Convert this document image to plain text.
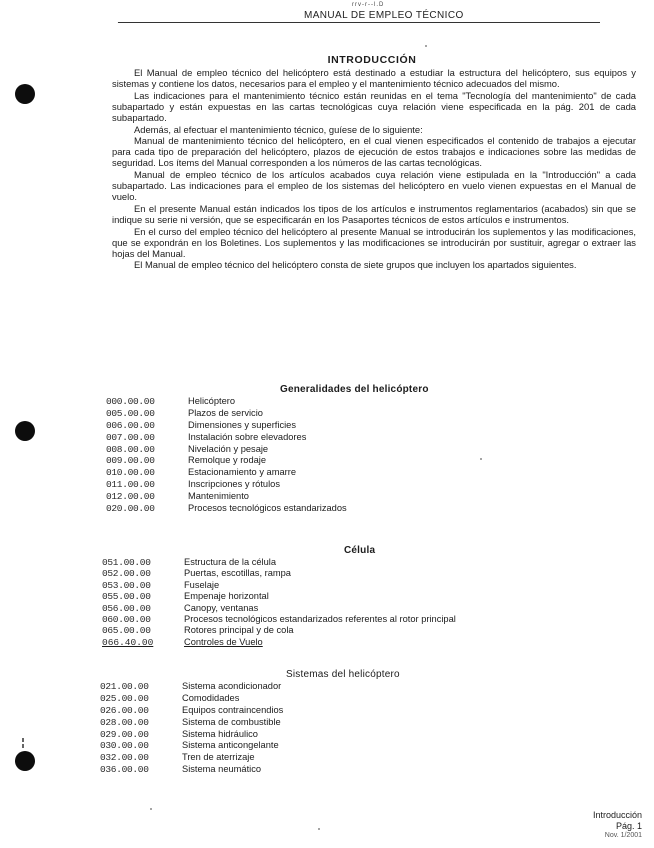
rrv-r--l.D
_ _ _	MANUAL DE EMPLEO TÉCNICO
INTRODUCCIÓN

El Manual de empleo técnico del helicóptero está destinado a estudiar la estructura del helicóptero, sus equipos y sistemas y contiene los datos, necesarios para el empleo y el mantenimiento técnico adecuados del mismo.

Las indicaciones para el mantenimiento técnico están reunidas en el tema "Tecnología del mantenimiento" de cada subapartado y están expuestas en las cartas tecnológicas cuya relación viene especificada en la pág. 201 de cada subapartado.

Además, al efectuar el mantenimiento técnico, guíese de lo siguiente:

Manual de mantenimiento técnico del helicóptero, en el cual vienen especificados el contenido de trabajos a ejecutar para cada tipo de preparación del helicóptero, plazos de ejecución de estos trabajos e indicaciones sobre las medidas de seguridad. Los ítems del Manual corresponden a los números de las cartas tecnológicas.

Manual de empleo técnico de los artículos acabados cuya relación viene estipulada en la "Introducción" a cada subapartado. Las indicaciones para el empleo de los sistemas del helicóptero en vuelo vienen expuestas en el Manual de vuelo.

En el presente Manual están indicados los tipos de los artículos e instrumentos reglamentarios (acabados) sin que se indique su serie ni versión, que se especificarán en los Pasaportes técnicos de estos artículos e instrumentos.

En el curso del empleo técnico del helicóptero al presente Manual se introducirán los suplementos y las modificaciones, que se expondrán en los Boletines. Los suplementos y las modificaciones se introducirán por sustituir, agregar o extraer las hojas del Manual.

El Manual de empleo técnico del helicóptero consta de siete grupos que incluyen los apartados siguientes.

Generalidades del helicóptero
000.00.00	Helicóptero
005.00.00	Plazos de servicio
006.00.00	Dimensiones y superficies
007.00.00	Instalación sobre elevadores
008.00.00	Nivelación y pesaje
009.00.00	Remolque y rodaje
010.00.00	Estacionamiento y amarre
011.00.00	Inscripciones y rótulos
012.00.00	Mantenimiento
020.00.00	Procesos tecnológicos estandarizados
Célula
051.00.00	Estructura de la célula
052.00.00	Puertas, escotillas, rampa
053.00.00	Fuselaje
055.00.00	Empenaje horizontal
056.00.00	Canopy, ventanas
060.00.00	Procesos tecnológicos estandarizados referentes al rotor principal
065.00.00	Rotores principal y de cola
066.40.00	Controles de Vuelo
Sistemas del helicóptero
021.00.00	Sistema acondicionador
025.00.00	Comodidades
026.00.00	Equipos contraincendios
028.00.00	Sistema de combustible
029.00.00	Sistema hidráulico
030.00.00	Sistema anticongelante
032.00.00	Tren de aterrizaje
036.00.00	Sistema neumático
Introducción
Pág. 1
Nov. 1/2001
